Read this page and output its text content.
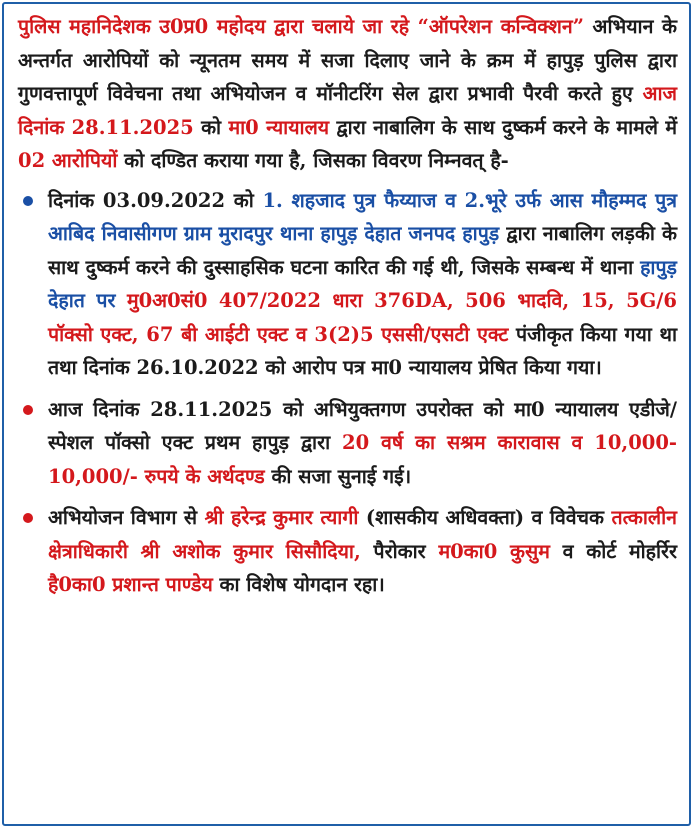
पुलिस महानिदेशक उ0प्र0 महोदय द्वारा चलाये जा रहे “ऑपरेशन कन्विक्शन” अभियान के अन्तर्गत आरोपियों को न्यूनतम समय में सजा दिलाए जाने के क्रम में हापुड़ पुलिस द्वारा गुणवत्तापूर्ण विवेचना तथा अभियोजन व मॉनीटरिंग सेल द्वारा प्रभावी पैरवी करते हुए आज दिनांक 28.11.2025 को मा0 न्यायालय द्वारा नाबालिग के साथ दुष्कर्म करने के मामले में 02 आरोपियों को दण्डित कराया गया है, जिसका विवरण निम्नवत् है-

दिनांक 03.09.2022 को 1. शहजाद पुत्र फैय्याज व 2.भूरे उर्फ आस मौहम्मद पुत्र आबिद निवासीगण ग्राम मुरादपुर थाना हापुड़ देहात जनपद हापुड़ द्वारा नाबालिग लड़की के साथ दुष्कर्म करने की दुस्साहसिक घटना कारित की गई थी, जिसके सम्बन्ध में थाना हापुड़ देहात पर मु0अ0सं0 407/2022 धारा 376DA, 506 भादवि, 15, 5G/6 पॉक्सो एक्ट, 67 बी आईटी एक्ट व 3(2)5 एससी/एसटी एक्ट पंजीकृत किया गया था तथा दिनांक 26.10.2022 को आरोप पत्र मा0 न्यायालय प्रेषित किया गया।

आज दिनांक 28.11.2025 को अभियुक्तगण उपरोक्त को मा0 न्यायालय एडीजे/स्पेशल पॉक्सो एक्ट प्रथम हापुड़ द्वारा 20 वर्ष का सश्रम कारावास व 10,000-10,000/- रुपये के अर्थदण्ड की सजा सुनाई गई।

अभियोजन विभाग से श्री हरेन्द्र कुमार त्यागी (शासकीय अधिवक्ता) व विवेचक तत्कालीन क्षेत्राधिकारी श्री अशोक कुमार सिसौदिया, पैरोकार म0का0 कुसुम व कोर्ट मोहर्रिर है0का0 प्रशान्त पाण्डेय का विशेष योगदान रहा।
